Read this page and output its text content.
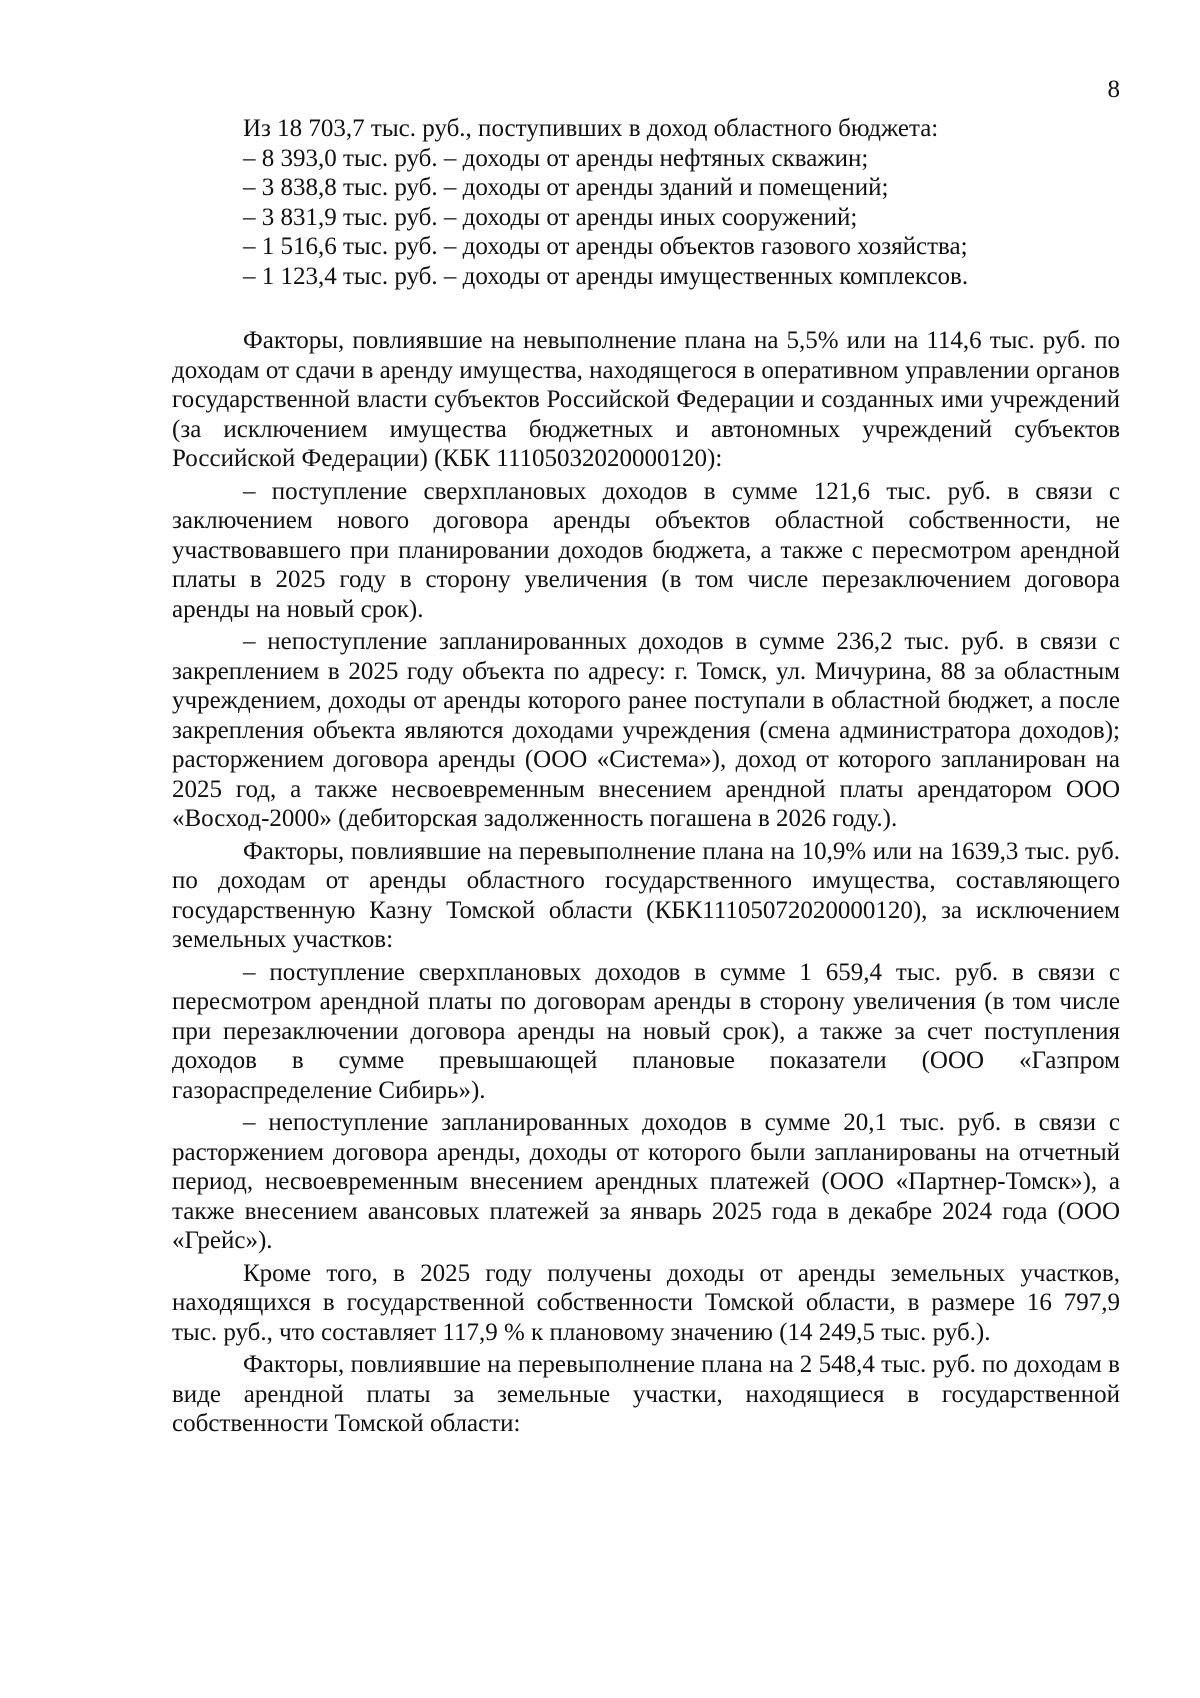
8
Из 18 703,7 тыс. руб., поступивших в доход областного бюджета:
– 8 393,0 тыс. руб. – доходы от аренды нефтяных скважин;
– 3 838,8 тыс. руб. – доходы от аренды зданий и помещений;
– 3 831,9 тыс. руб. – доходы от аренды иных сооружений;
– 1 516,6 тыс. руб. – доходы от аренды объектов газового хозяйства;
– 1 123,4 тыс. руб. – доходы от аренды имущественных комплексов.

Факторы, повлиявшие на невыполнение плана на 5,5% или на 114,6 тыс. руб. по доходам от сдачи в аренду имущества, находящегося в оперативном управлении органов государственной власти субъектов Российской Федерации и созданных ими учреждений (за исключением имущества бюджетных и автономных учреждений субъектов Российской Федерации) (КБК 11105032020000120):

– поступление сверхплановых доходов в сумме 121,6 тыс. руб. в связи с заключением нового договора аренды объектов областной собственности, не участвовавшего при планировании доходов бюджета, а также с пересмотром арендной платы в 2025 году в сторону увеличения (в том числе перезаключением договора аренды на новый срок).

– непоступление запланированных доходов в сумме 236,2 тыс. руб. в связи с закреплением в 2025 году объекта по адресу: г. Томск, ул. Мичурина, 88 за областным учреждением, доходы от аренды которого ранее поступали в областной бюджет, а после закрепления объекта являются доходами учреждения (смена администратора доходов); расторжением договора аренды (ООО «Система»), доход от которого запланирован на 2025 год, а также несвоевременным внесением арендной платы арендатором ООО «Восход-2000» (дебиторская задолженность погашена в 2026 году.).

Факторы, повлиявшие на перевыполнение плана на 10,9% или на 1639,3 тыс. руб. по доходам от аренды областного государственного имущества, составляющего государственную Казну Томской области (КБК11105072020000120), за исключением земельных участков:

– поступление сверхплановых доходов в сумме 1 659,4 тыс. руб. в связи с пересмотром арендной платы по договорам аренды в сторону увеличения (в том числе при перезаключении договора аренды на новый срок), а также за счет поступления доходов в сумме превышающей плановые показатели (ООО «Газпром газораспределение Сибирь»).

– непоступление запланированных доходов в сумме 20,1 тыс. руб. в связи с расторжением договора аренды, доходы от которого были запланированы на отчетный период, несвоевременным внесением арендных платежей (ООО «Партнер-Томск»), а также внесением авансовых платежей за январь 2025 года в декабре 2024 года (ООО «Грейс»).

Кроме того, в 2025 году получены доходы от аренды земельных участков, находящихся в государственной собственности Томской области, в размере 16 797,9 тыс. руб., что составляет 117,9 % к плановому значению (14 249,5 тыс. руб.).

Факторы, повлиявшие на перевыполнение плана на 2 548,4 тыс. руб. по доходам в виде арендной платы за земельные участки, находящиеся в государственной собственности Томской области:
